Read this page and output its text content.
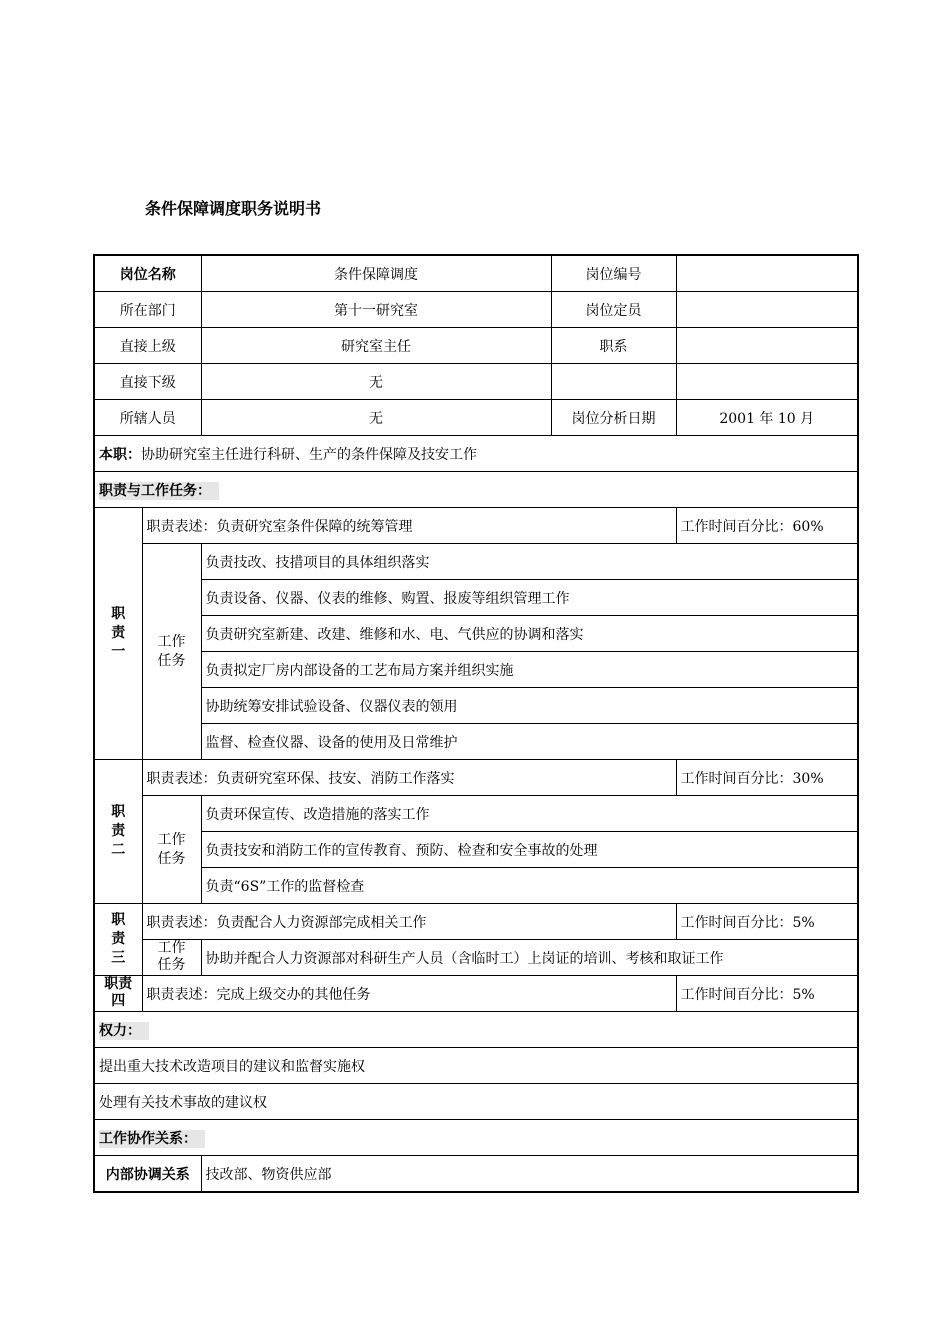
条件保障调度职务说明书
岗位名称		条件保障调度	岗位编号	
所在部门		第十一研究室	岗位定员	
直接上级		研究室主任	职系	
直接下级		无		
所辖人员		无	岗位分析日期	2001 年 10 月
本职：协助研究室主任进行科研、生产的条件保障及技安工作				
职责与工作任务：				
职责一	职责表述：负责研究室条件保障的统筹管理			工作时间百分比：60%
	工作任务	负责技改、技措项目的具体组织落实		
		负责设备、仪器、仪表的维修、购置、报废等组织管理工作		
		负责研究室新建、改建、维修和水、电、气供应的协调和落实		
		负责拟定厂房内部设备的工艺布局方案并组织实施		
		协助统筹安排试验设备、仪器仪表的领用		
		监督、检查仪器、设备的使用及日常维护		
职责二	职责表述：负责研究室环保、技安、消防工作落实			工作时间百分比：30%
	工作任务	负责环保宣传、改造措施的落实工作		
		负责技安和消防工作的宣传教育、预防、检查和安全事故的处理		
		负责“6S”工作的监督检查		
职责三	职责表述：负责配合人力资源部完成相关工作			工作时间百分比：5%
	工作任务	协助并配合人力资源部对科研生产人员（含临时工）上岗证的培训、考核和取证工作		
职责四	职责表述：完成上级交办的其他任务			工作时间百分比：5%
权力：				
提出重大技术改造项目的建议和监督实施权				
处理有关技术事故的建议权				
工作协作关系：				
内部协调关系		技改部、物资供应部		
